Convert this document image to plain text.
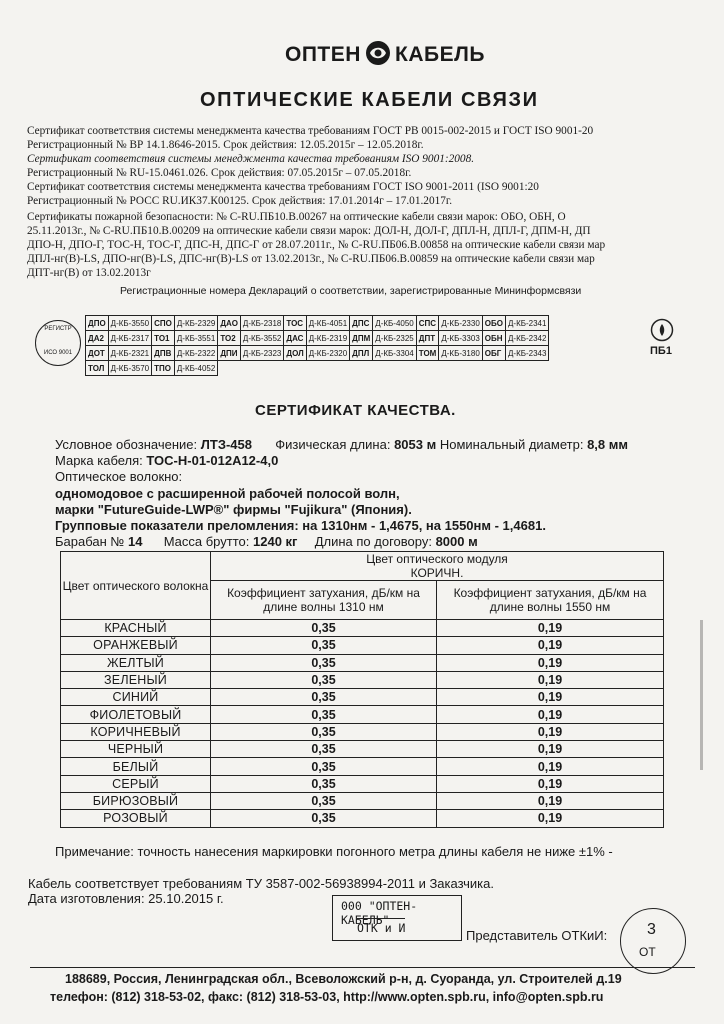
ОПТЕН КАБЕЛЬ
ОПТИЧЕСКИЕ КАБЕЛИ СВЯЗИ
Сертификат соответствия системы менеджмента качества требованиям ГОСТ РВ 0015-002-2015 и ГОСТ ISO 9001-20
Регистрационный № ВР 14.1.8646-2015. Срок действия: 12.05.2015г – 12.05.2018г.
Сертификат соответствия системы менеджмента качества требованиям ISO 9001:2008.
Регистрационный № RU-15.0461.026. Срок действия: 07.05.2015г – 07.05.2018г.
Сертификат соответствия системы менеджмента качества требованиям ГОСТ ISO 9001-2011 (ISO 9001:20
Регистрационный № РОСС RU.ИК37.К00125. Срок действия: 17.01.2014г – 17.01.2017г.
Сертификаты пожарной безопасности: № С-RU.ПБ10.В.00267 на оптические кабели связи марок: ОБО, ОБН, О
25.11.2013г., № С-RU.ПБ10.В.00209 на оптические кабели связи марок: ДОЛ-Н, ДОЛ-Г, ДПЛ-Н, ДПЛ-Г, ДПМ-Н, ДП
ДПО-Н, ДПО-Г, ТОС-Н, ТОС-Г, ДПС-Н, ДПС-Г от 28.07.2011г., № С-RU.ПБ06.В.00858 на оптические кабели связи мар
ДПЛ-нг(В)-LS, ДПО-нг(В)-LS, ДПС-нг(В)-LS от 13.02.2013г., № С-RU.ПБ06.В.00859 на оптические кабели связи мар
ДПТ-нг(В) от 13.02.2013г
Регистрационные номера Деклараций о соответствии, зарегистрированные Мининформсвязи
РЕГИСТР
ИСО 9001
ДПО	Д-КБ-3550	СПО	Д-КБ-2329	ДАО	Д-КБ-2318	ТОС	Д-КБ-4051	ДПС	Д-КБ-4050	СПС	Д-КБ-2330	ОБО	Д-КБ-2341
ДА2	Д-КБ-2317	ТО1	Д-КБ-3551	ТО2	Д-КБ-3552	ДАС	Д-КБ-2319	ДПМ	Д-КБ-2325	ДПТ	Д-КБ-3303	ОБН	Д-КБ-2342
ДОТ	Д-КБ-2321	ДПВ	Д-КБ-2322	ДПИ	Д-КБ-2323	ДОЛ	Д-КБ-2320	ДПЛ	Д-КБ-3304	ТОМ	Д-КБ-3180	ОБГ	Д-КБ-2343
ТОЛ	Д-КБ-3570	ТПО	Д-КБ-4052										
ПБ1
СЕРТИФИКАТ КАЧЕСТВА.
Условное обозначение: ЛТЗ-458 Физическая длина: 8053 м Номинальный диаметр: 8,8 мм
Марка кабеля: ТОС-Н-01-012А12-4,0
Оптическое волокно:
одномодовое с расширенной рабочей полосой волн,
марки "FutureGuide-LWP®" фирмы "Fujikura" (Япония).
Групповые показатели преломления: на 1310нм - 1,4675, на 1550нм - 1,4681.
Барабан № 14 Масса брутто: 1240 кг Длина по договору: 8000 м
Цвет оптического волокна	Цвет оптического модуля
КОРИЧН.	

	Коэффициент затухания, дБ/км на длине волны 1310 нм	Коэффициент затухания, дБ/км на длине волны 1550 нм
КРАСНЫЙ	0,35	0,19
ОРАНЖЕВЫЙ	0,35	0,19
ЖЕЛТЫЙ	0,35	0,19
ЗЕЛЕНЫЙ	0,35	0,19
СИНИЙ	0,35	0,19
ФИОЛЕТОВЫЙ	0,35	0,19
КОРИЧНЕВЫЙ	0,35	0,19
ЧЕРНЫЙ	0,35	0,19
БЕЛЫЙ	0,35	0,19
СЕРЫЙ	0,35	0,19
БИРЮЗОВЫЙ	0,35	0,19
РОЗОВЫЙ	0,35	0,19
Примечание: точность нанесения маркировки погонного метра длины кабеля не ниже ±1% -
Кабель соответствует требованиям ТУ 3587-002-56938994-2011 и Заказчика.
Дата изготовления: 25.10.2015 г.	000 "ОПТЕН-КАБЕЛЬ"
ОТК и И	Представитель ОТКиИ: 3
ОТ
188689, Россия, Ленинградская обл., Всеволожский р-н, д. Суоранда, ул. Строителей д.19
телефон: (812) 318-53-02, факс: (812) 318-53-03, http://www.opten.spb.ru, info@opten.spb.ru
